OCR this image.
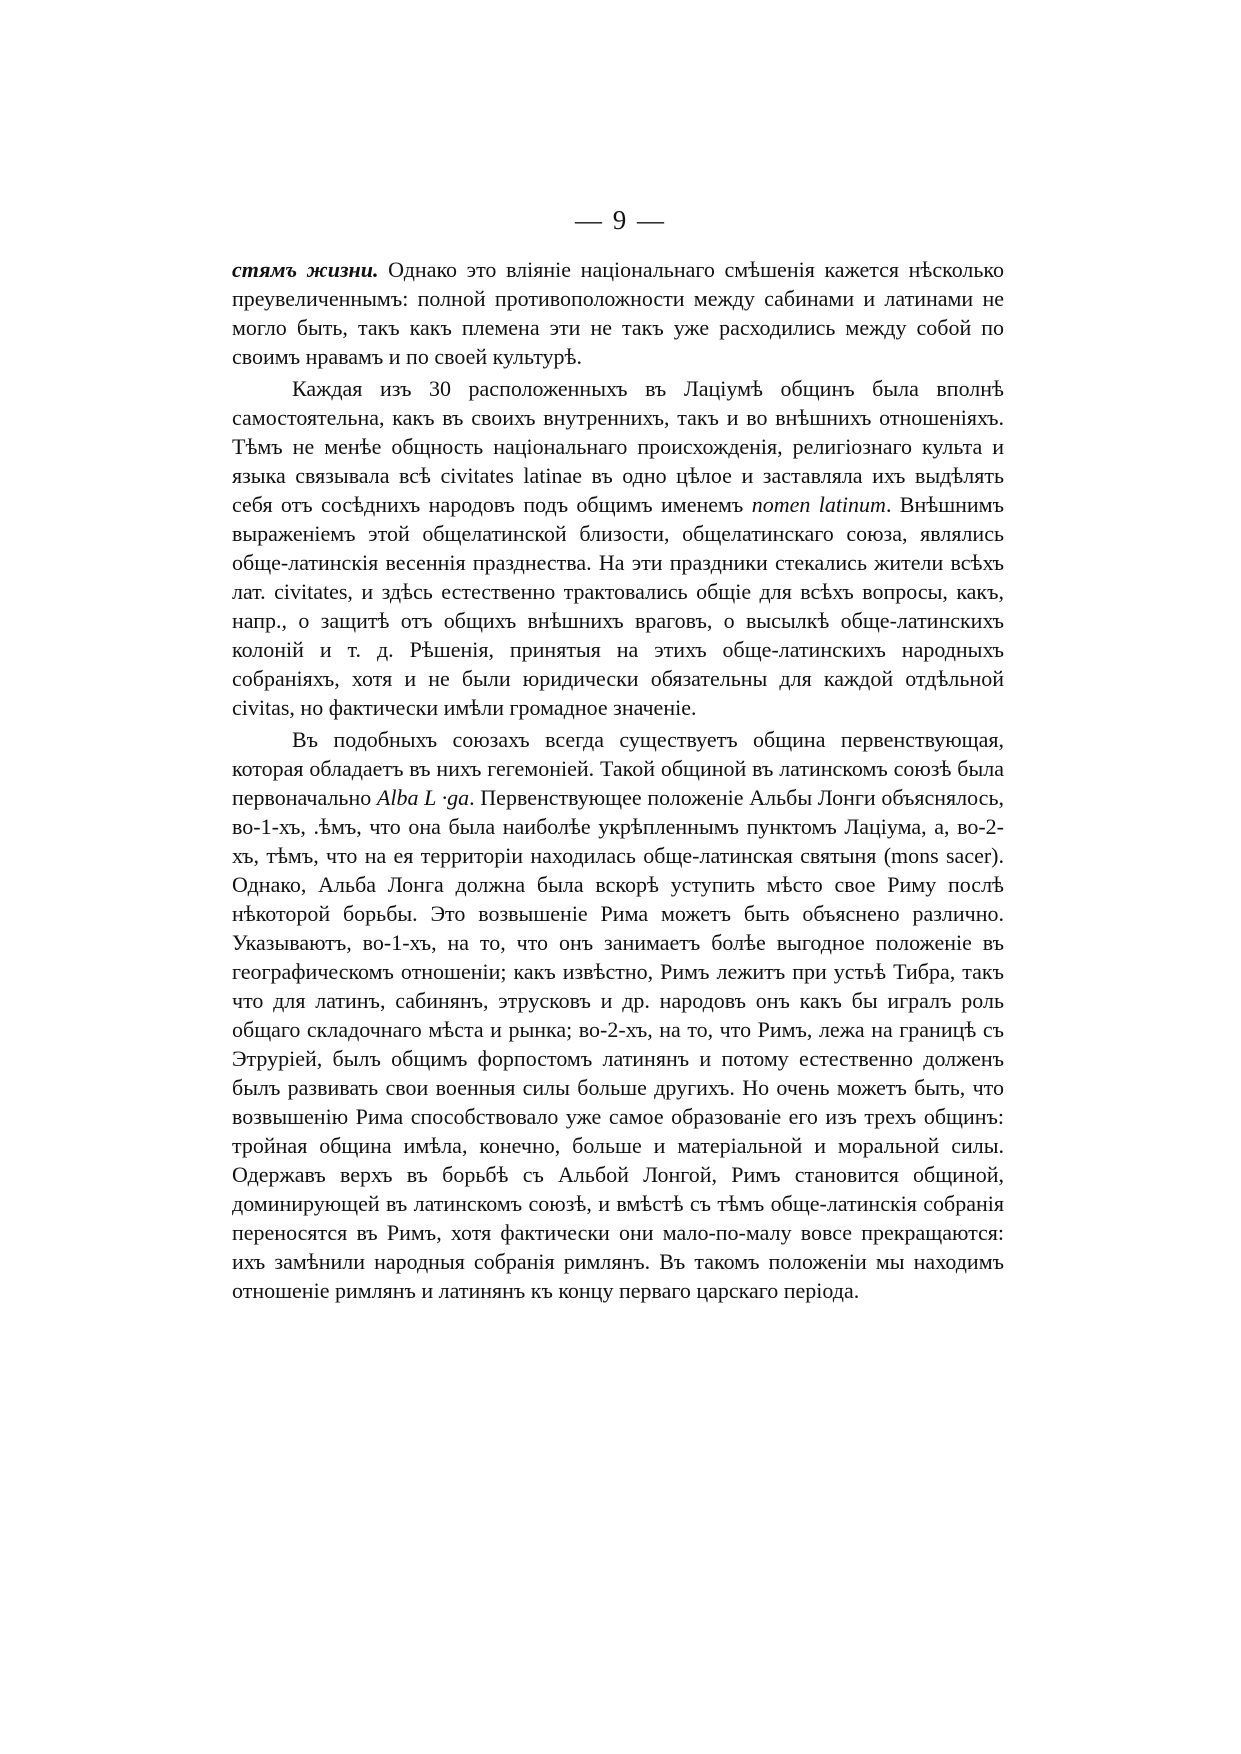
— 9 —

стямъ жизни. Однако это вліяніе національнаго смѣшенія кажется нѣсколько преувеличеннымъ: полной противоположности между сабинами и латинами не могло быть, такъ какъ племена эти не такъ уже расходились между собой по своимъ нравамъ и по своей культурѣ.

Каждая изъ 30 расположенныхъ въ Лаціумѣ общинъ была вполнѣ самостоятельна, какъ въ своихъ внутреннихъ, такъ и во внѣшнихъ отношеніяхъ. Тѣмъ не менѣе общность національнаго происхожденія, религіознаго культа и языка связывала всѣ civitates latinae въ одно цѣлое и заставляла ихъ выдѣлять себя отъ сосѣднихъ народовъ подъ общимъ именемъ nomen latinum. Внѣшнимъ выраженіемъ этой общелатинской близости, общелатинскаго союза, являлись обще-латинскія весеннія празднества. На эти праздники стекались жители всѣхъ лат. civitates, и здѣсь естественно трактовались общіе для всѣхъ вопросы, какъ, напр., о защитѣ отъ общихъ внѣшнихъ враговъ, о высылкѣ обще-латинскихъ колоній и т. д. Рѣшенія, принятыя на этихъ обще-латинскихъ народныхъ собраніяхъ, хотя и не были юридически обязательны для каждой отдѣльной civitas, но фактически имѣли громадное значеніе.

Въ подобныхъ союзахъ всегда существуетъ община первенствующая, которая обладаетъ въ нихъ гегемоніей. Такой общиной въ латинскомъ союзѣ была первоначально Alba L ·ga. Первенствующее положеніе Альбы Лонги объяснялось, во-1-хъ, .ѣмъ, что она была наиболѣе укрѣпленнымъ пунктомъ Лаціума, а, во-2-хъ, тѣмъ, что на ея территоріи находилась обще-латинская святыня (mons sacer). Однако, Альба Лонга должна была вскорѣ уступить мѣсто свое Риму послѣ нѣкоторой борьбы. Это возвышеніе Рима можетъ быть объяснено различно. Указываютъ, во-1-хъ, на то, что онъ занимаетъ болѣе выгодное положеніе въ географическомъ отношеніи; какъ извѣстно, Римъ лежитъ при устьѣ Тибра, такъ что для латинъ, сабинянъ, этрусковъ и др. народовъ онъ какъ бы игралъ роль общаго складочнаго мѣста и рынка; во-2-хъ, на то, что Римъ, лежа на границѣ съ Этруріей, былъ общимъ форпостомъ латинянъ и потому естественно долженъ былъ развивать свои военныя силы больше другихъ. Но очень можетъ быть, что возвышенію Рима способствовало уже самое образованіе его изъ трехъ общинъ: тройная община имѣла, конечно, больше и матеріальной и моральной силы. Одержавъ верхъ въ борьбѣ съ Альбой Лонгой, Римъ становится общиной, доминирующей въ латинскомъ союзѣ, и вмѣстѣ съ тѣмъ обще-латинскія собранія переносятся въ Римъ, хотя фактически они мало-по-малу вовсе прекращаются: ихъ замѣнили народныя собранія римлянъ. Въ такомъ положеніи мы находимъ отношеніе римлянъ и латинянъ къ концу перваго царскаго періода.
